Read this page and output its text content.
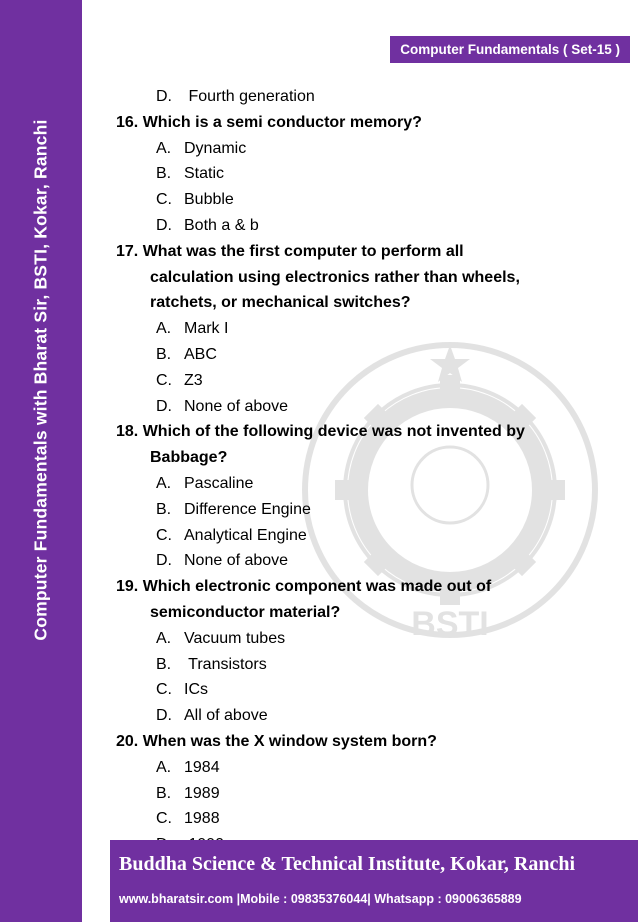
Computer Fundamentals with Bharat Sir, BSTI, Kokar, Ranchi
Computer Fundamentals ( Set-15 )
BSTI
D. Fourth generation
16. Which is a semi conductor memory?
A. Dynamic
B. Static
C. Bubble
D. Both a & b
17. What was the first computer to perform all
calculation using electronics rather than wheels,
ratchets, or mechanical switches?
A. Mark I
B. ABC
C. Z3
D. None of above
18. Which of the following device was not invented by
Babbage?
A. Pascaline
B. Difference Engine
C. Analytical Engine
D. None of above
19. Which electronic component was made out of
semiconductor material?
A. Vacuum tubes
B. Transistors
C. ICs
D. All of above
20. When was the X window system born?
A. 1984
B. 1989
C. 1988
Buddha Science & Technical Institute, Kokar, Ranchi
www.bharatsir.com |Mobile : 09835376044| Whatsapp : 09006365889
